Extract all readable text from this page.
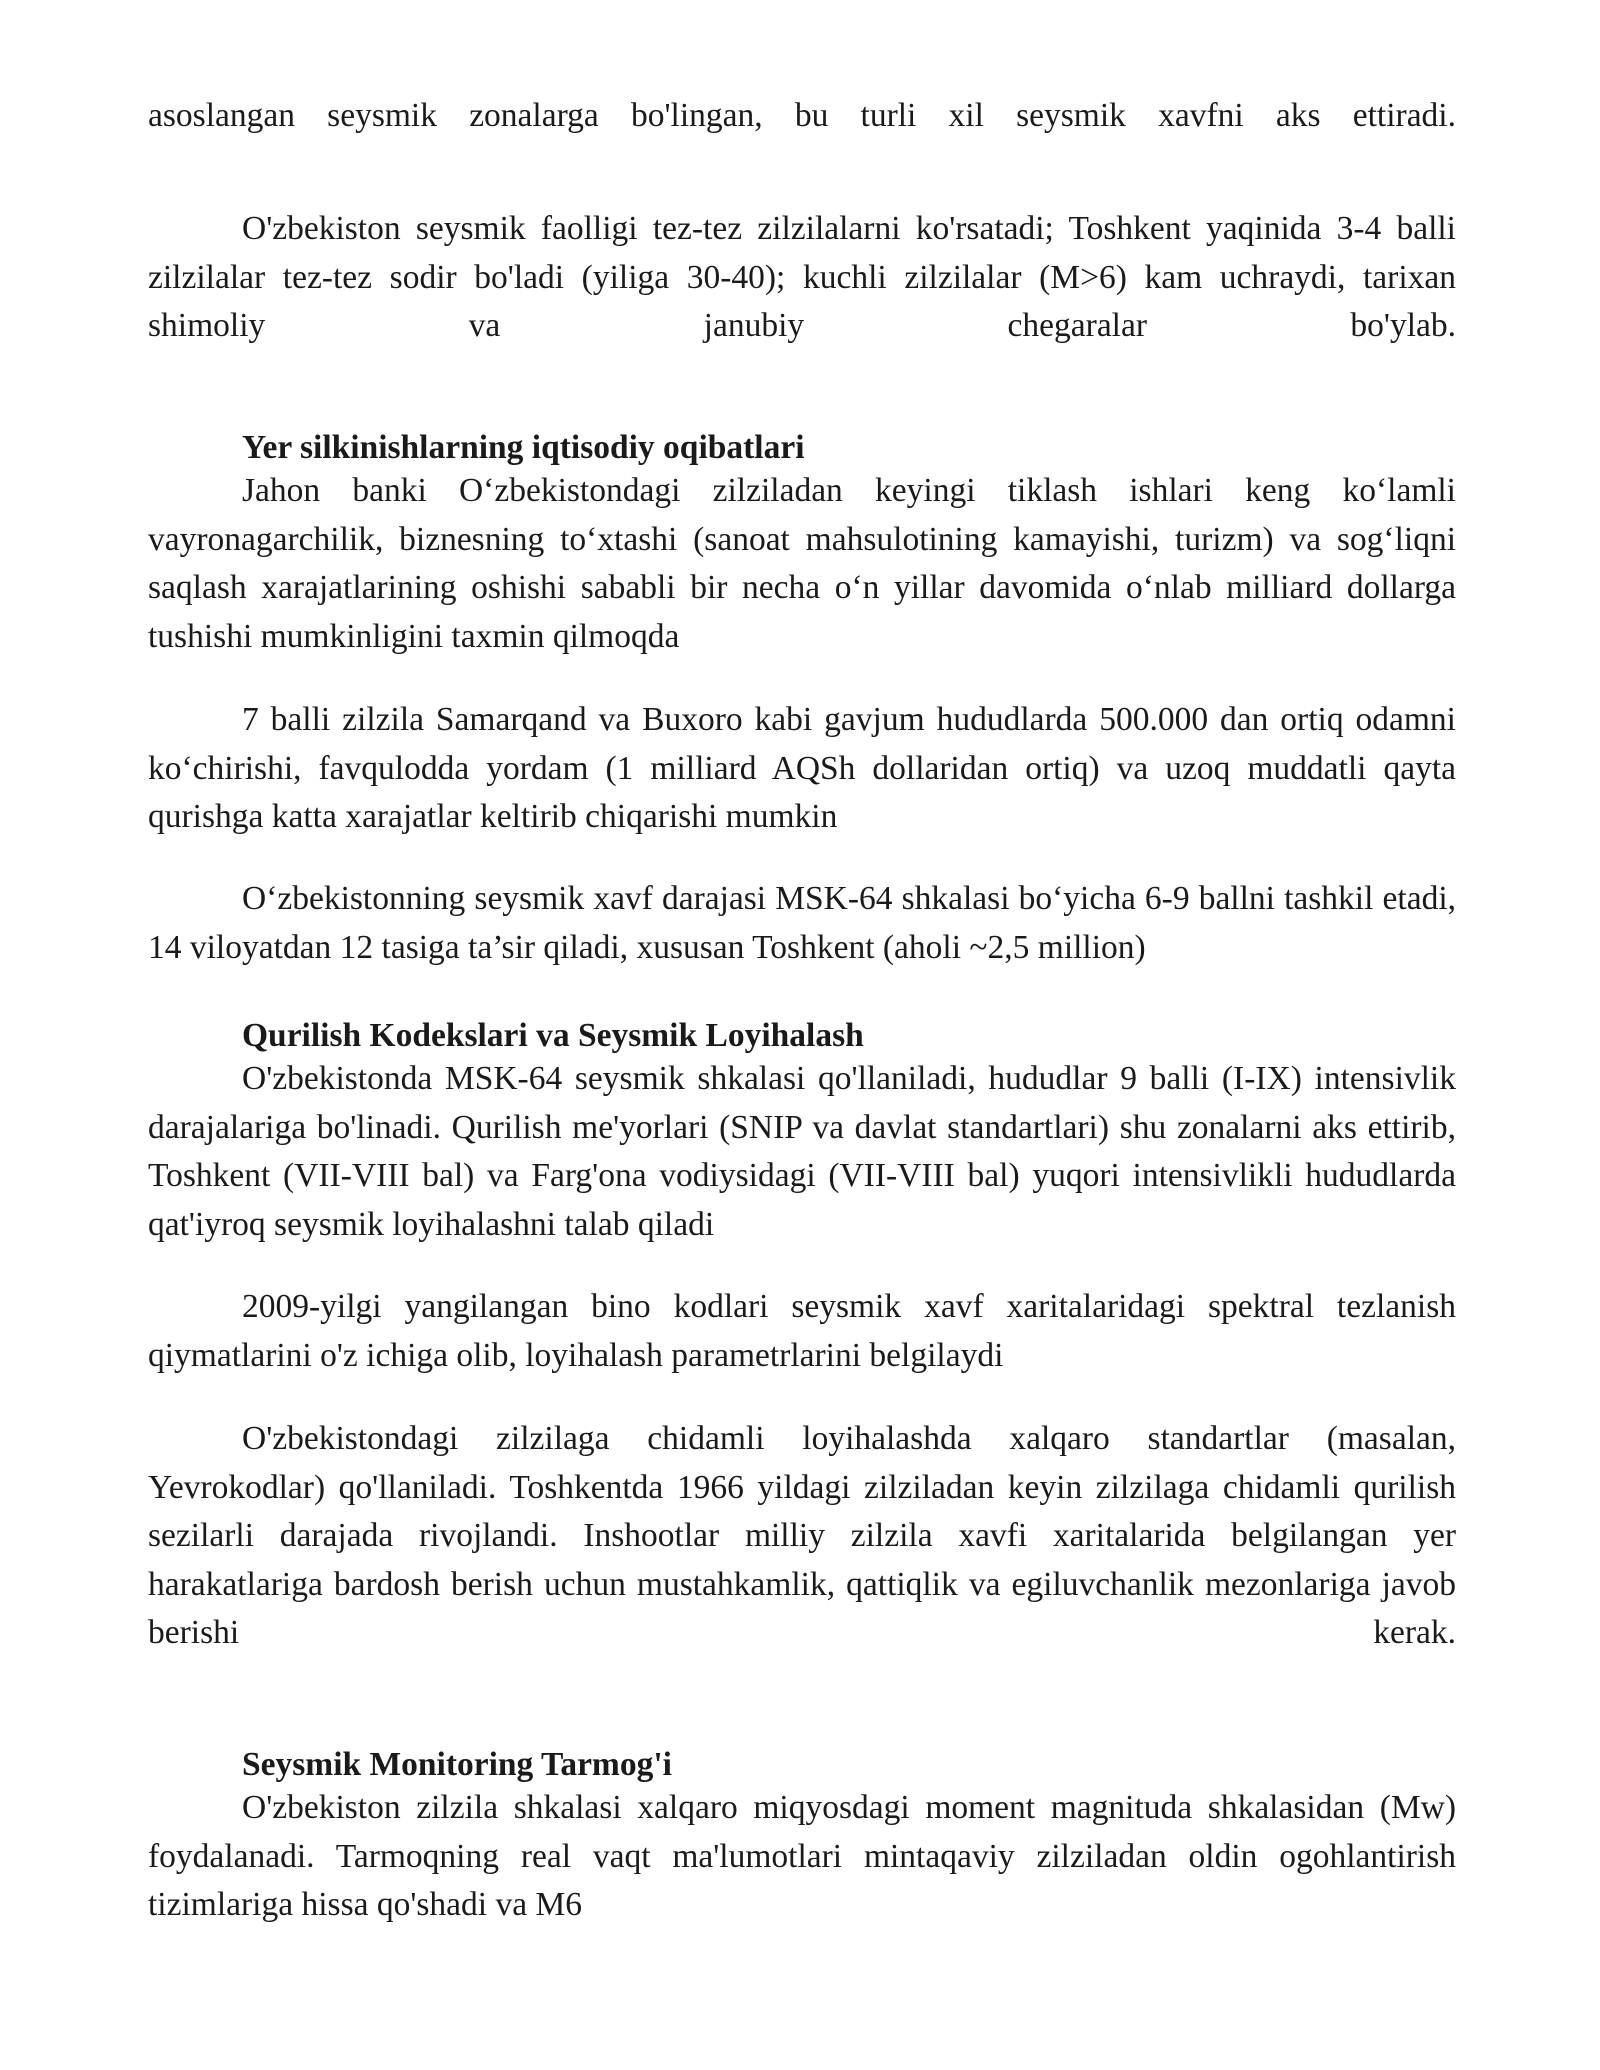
asoslangan seysmik zonalarga bo'lingan, bu turli xil seysmik xavfni aks ettiradi.

O'zbekiston seysmik faolligi tez-tez zilzilalarni ko'rsatadi; Toshkent yaqinida 3-4 balli zilzilalar tez-tez sodir bo'ladi (yiliga 30-40); kuchli zilzilalar (M>6) kam uchraydi, tarixan shimoliy va janubiy chegaralar bo'ylab.

Yer silkinishlarning iqtisodiy oqibatlari

Jahon banki O‘zbekistondagi zilziladan keyingi tiklash ishlari keng ko‘lamli vayronagarchilik, biznesning to‘xtashi (sanoat mahsulotining kamayishi, turizm) va sog‘liqni saqlash xarajatlarining oshishi sababli bir necha o‘n yillar davomida o‘nlab milliard dollarga tushishi mumkinligini taxmin qilmoqda

7 balli zilzila Samarqand va Buxoro kabi gavjum hududlarda 500.000 dan ortiq odamni ko‘chirishi, favqulodda yordam (1 milliard AQSh dollaridan ortiq) va uzoq muddatli qayta qurishga katta xarajatlar keltirib chiqarishi mumkin

O‘zbekistonning seysmik xavf darajasi MSK-64 shkalasi bo‘yicha 6-9 ballni tashkil etadi, 14 viloyatdan 12 tasiga ta’sir qiladi, xususan Toshkent (aholi ~2,5 million)

Qurilish Kodekslari va Seysmik Loyihalash

O'zbekistonda MSK-64 seysmik shkalasi qo'llaniladi, hududlar 9 balli (I-IX) intensivlik darajalariga bo'linadi. Qurilish me'yorlari (SNIP va davlat standartlari) shu zonalarni aks ettirib, Toshkent (VII-VIII bal) va Farg'ona vodiysidagi (VII-VIII bal) yuqori intensivlikli hududlarda qat'iyroq seysmik loyihalashni talab qiladi

2009-yilgi yangilangan bino kodlari seysmik xavf xaritalaridagi spektral tezlanish qiymatlarini o'z ichiga olib, loyihalash parametrlarini belgilaydi

O'zbekistondagi zilzilaga chidamli loyihalashda xalqaro standartlar (masalan, Yevrokodlar) qo'llaniladi. Toshkentda 1966 yildagi zilziladan keyin zilzilaga chidamli qurilish sezilarli darajada rivojlandi. Inshootlar milliy zilzila xavfi xaritalarida belgilangan yer harakatlariga bardosh berish uchun mustahkamlik, qattiqlik va egiluvchanlik mezonlariga javob berishi kerak.

Seysmik Monitoring Tarmog'i

O'zbekiston zilzila shkalasi xalqaro miqyosdagi moment magnituda shkalasidan (Mw) foydalanadi. Tarmoqning real vaqt ma'lumotlari mintaqaviy zilziladan oldin ogohlantirish tizimlariga hissa qo'shadi va M6
